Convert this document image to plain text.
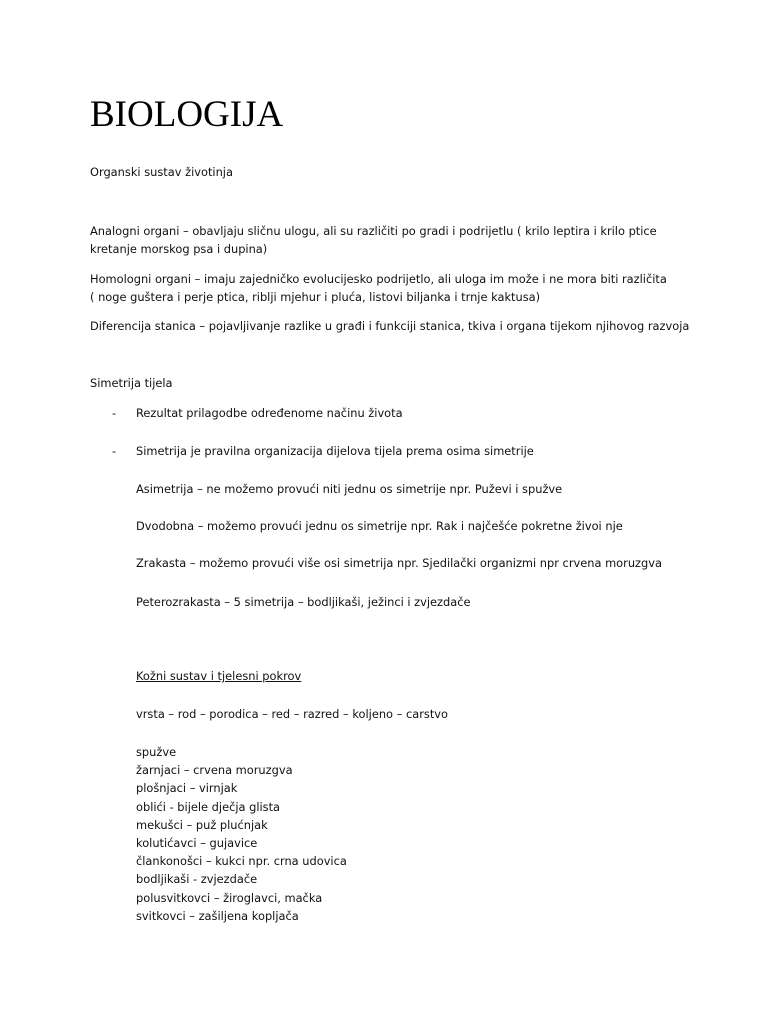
BIOLOGIJA

Organski sustav životinja

Analogni organi – obavljaju sličnu ulogu, ali su različiti po gradi i podrijetlu ( krilo leptira i krilo ptice
kretanje morskog psa i dupina)

Homologni organi – imaju zajedničko evolucijesko podrijetlo, ali uloga im može i ne mora biti različita
( noge guštera i perje ptica, riblji mjehur i pluća, listovi biljanka i trnje kaktusa)

Diferencija stanica – pojavljivanje razlike u građi i funkciji stanica, tkiva i organa tijekom njihovog razvoja

Simetrija tijela

- Rezultat prilagodbe određenome načinu života

- Simetrija je pravilna organizacija dijelova tijela prema osima simetrije

Asimetrija – ne možemo provući niti jednu os simetrije npr. Puževi i spužve

Dvodobna – možemo provući jednu os simetrije npr. Rak i najčešće pokretne živoi nje

Zrakasta – možemo provući više osi simetrija npr. Sjedilački organizmi npr crvena moruzgva

Peterozrakasta – 5 simetrija – bodljikaši, ježinci i zvjezdače

Kožni sustav i tjelesni pokrov

vrsta – rod – porodica – red – razred – koljeno – carstvo

spužve
žarnjaci – crvena moruzgva
plošnjaci – virnjak
oblići - bijele dječja glista
mekušci – puž plućnjak
kolutićavci – gujavice
člankonošci – kukci npr. crna udovica
bodljikaši - zvjezdače
polusvitkovci – žiroglavci, mačka
svitkovci – zašiljena kopljača
